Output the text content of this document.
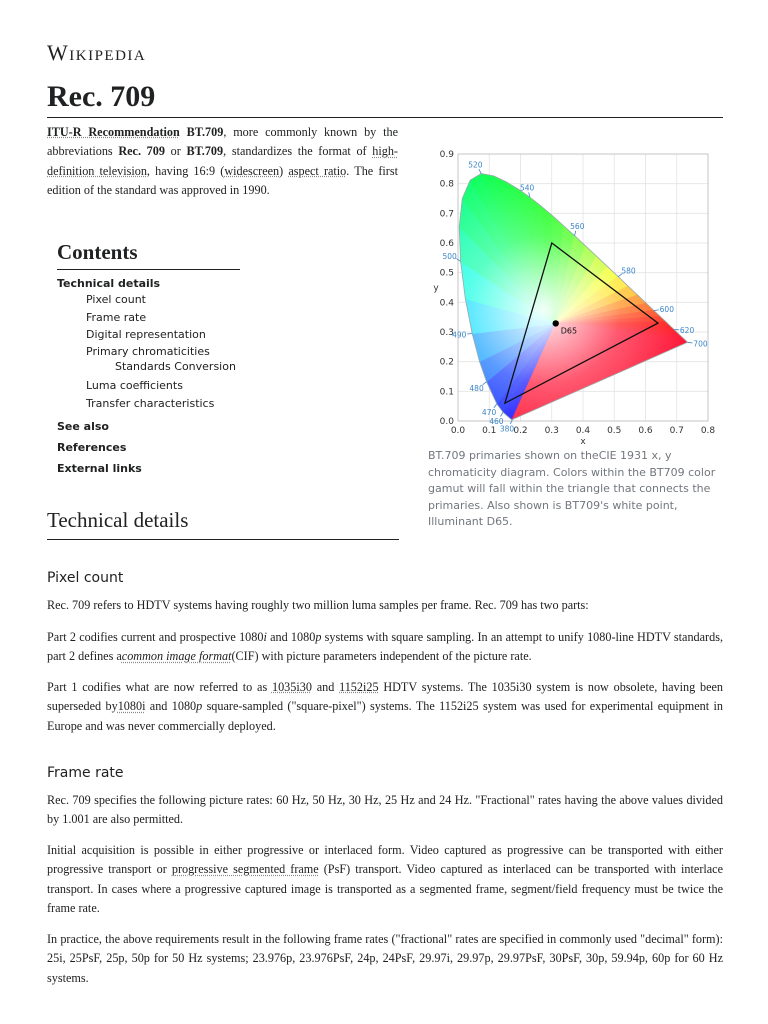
Wikipedia
Rec. 709

ITU-R Recommendation BT.709, more commonly known by the abbreviations Rec. 709 or BT.709, standardizes the format of high-definition television, having 16:9 (widescreen) aspect ratio. The first edition of the standard was approved in 1990.

Contents
Technical details
Pixel count
Frame rate
Digital representation
Primary chromaticities
Standards Conversion
Luma coefficients
Transfer characteristics
See also
References
External links
0.0 0.1 0.2 0.3 0.4 0.5 0.6 0.7 0.8
0.0
0.1
0.2
0.3
0.4
0.5
0.6
0.7
0.8
0.9
380
460
470
480
490
500
520
540
560
580
600
620
700
D65
x
y

BT.709 primaries shown on theCIE 1931 x, y chromaticity diagram. Colors within the BT709 color gamut will fall within the triangle that connects the primaries. Also shown is BT709's white point, Illuminant D65.

Technical details
Pixel count

Rec. 709 refers to HDTV systems having roughly two million luma samples per frame. Rec. 709 has two parts:

Part 2 codifies current and prospective 1080i and 1080p systems with square sampling. In an attempt to unify 1080-line HDTV standards, part 2 defines acommon image format(CIF) with picture parameters independent of the picture rate.

Part 1 codifies what are now referred to as 1035i30 and 1152i25 HDTV systems. The 1035i30 system is now obsolete, having been superseded by1080i and 1080p square-sampled ("square-pixel") systems. The 1152i25 system was used for experimental equipment in Europe and was never commercially deployed.

Frame rate

Rec. 709 specifies the following picture rates: 60 Hz, 50 Hz, 30 Hz, 25 Hz and 24 Hz. "Fractional" rates having the above values divided by 1.001 are also permitted.

Initial acquisition is possible in either progressive or interlaced form. Video captured as progressive can be transported with either progressive transport or progressive segmented frame (PsF) transport. Video captured as interlaced can be transported with interlace transport. In cases where a progressive captured image is transported as a segmented frame, segment/field frequency must be twice the frame rate.

In practice, the above requirements result in the following frame rates ("fractional" rates are specified in commonly used "decimal" form): 25i, 25PsF, 25p, 50p for 50 Hz systems; 23.976p, 23.976PsF, 24p, 24PsF, 29.97i, 29.97p, 29.97PsF, 30PsF, 30p, 59.94p, 60p for 60 Hz systems.
